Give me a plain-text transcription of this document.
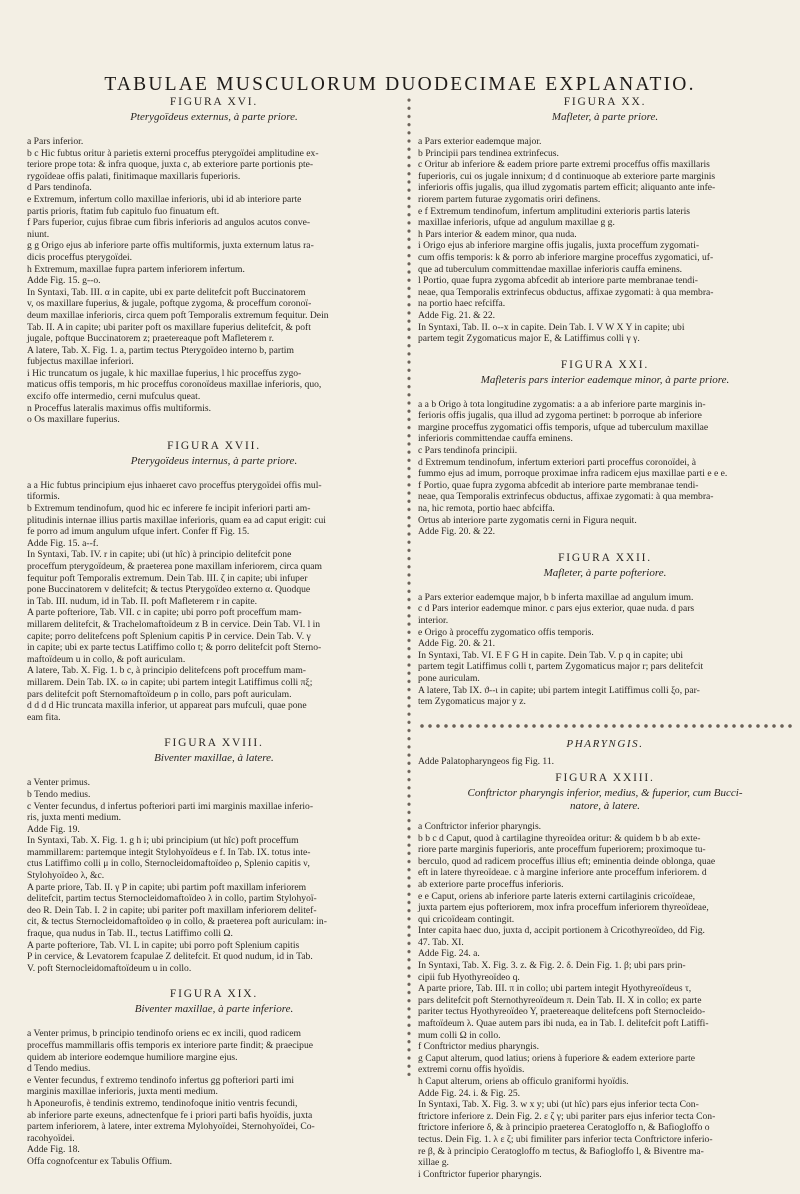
TABULAE MUSCULORUM DUODECIMAE EXPLANATIO.
FIGURA XVI.
Pterygoïdeus externus, à parte priore.
a Pars inferior.
b c Hic fubtus oritur à parietis externi proceffus pterygoïdei amplitudine ex-
teriore prope tota: & infra quoque, juxta c, ab exteriore parte portionis pte-
rygoïdeae offis palati, finitimaque maxillaris fuperioris.
d Pars tendinofa.
e Extremum, infertum collo maxillae inferioris, ubi id ab interiore parte
partis prioris, ftatim fub capitulo fuo finuatum eft.
f Pars fuperior, cujus fibrae cum fibris inferioris ad angulos acutos conve-
niunt.
g g Origo ejus ab inferiore parte offis multiformis, juxta externum latus ra-
dicis proceffus pterygoïdei.
h Extremum, maxillae fupra partem inferiorem infertum.
Adde Fig. 15. g--o.
In Syntaxi, Tab. III. α in capite, ubi ex parte delitefcit poft Buccinatorem
v, os maxillare fuperius, & jugale, poftque zygoma, & proceffum coronoï-
deum maxillae inferioris, circa quem poft Temporalis extremum fequitur. Dein
Tab. II. A in capite; ubi pariter poft os maxillare fuperius delitefcit, & poft
jugale, poftque Buccinatorem z; praetereaque poft Mafleterem r.
A latere, Tab. X. Fig. 1. a, partim tectus Pterygoïdeo interno b, partim
fubjectus maxillae inferiori.
i Hic truncatum os jugale, k hic maxillae fuperius, l hic proceffus zygo-
maticus offis temporis, m hic proceffus coronoïdeus maxillae inferioris, quo,
excifo offe intermedio, cerni mufculus queat.
n Proceffus lateralis maximus offis multiformis.
o Os maxillare fuperius.
FIGURA XVII.
Pterygoïdeus internus, à parte priore.
a a Hic fubtus principium ejus inhaeret cavo proceffus pterygoïdei offis mul-
tiformis.
b Extremum tendinofum, quod hic ec inferere fe incipit inferiori parti am-
plitudinis internae illius partis maxillae inferioris, quam ea ad caput erigit: cui
fe porro ad imum angulum ufque infert. Confer ff Fig. 15.
Adde Fig. 15. a--f.
In Syntaxi, Tab. IV. r in capite; ubi (ut hîc) à principio delitefcit pone
proceffum pterygoïdeum, & praeterea pone maxillam inferiorem, circa quam
fequitur poft Temporalis extremum. Dein Tab. III. ζ in capite; ubi infuper
pone Buccinatorem v delitefcit; & tectus Pterygoïdeo externo α. Quodque
in Tab. III. nudum, id in Tab. II. poft Mafleterem r in capite.
A parte pofteriore, Tab. VII. c in capite; ubi porro poft proceffum mam-
millarem delitefcit, & Trachelomaftoïdeum z B in cervice. Dein Tab. VI. l in
capite; porro delitefcens poft Splenium capitis P in cervice. Dein Tab. V. γ
in capite; ubi ex parte tectus Latiffimo collo t; & porro delitefcit poft Sterno-
maftoïdeum u in collo, & poft auriculam.
A latere, Tab. X. Fig. 1. b c, à principio delitefcens poft proceffum mam-
millarem. Dein Tab. IX. ω in capite; ubi partem integit Latiffimus colli πξ;
pars delitefcit poft Sternomaftoïdeum ρ in collo, pars poft auriculam.
d d d d Hic truncata maxilla inferior, ut appareat pars mufculi, quae pone
eam fita.
FIGURA XVIII.
Biventer maxillae, à latere.
a Venter primus.
b Tendo medius.
c Venter fecundus, d infertus pofteriori parti imi marginis maxillae inferio-
ris, juxta menti medium.
Adde Fig. 19.
In Syntaxi, Tab. X. Fig. 1. g h i; ubi principium (ut hîc) poft proceffum
mammillarem: partemque integit Stylohyoïdeus e f. In Tab. IX. totus inte-
ctus Latiffimo colli μ in collo, Sternocleidomaftoïdeo ρ, Splenio capitis ν,
Stylohyoïdeo λ, &c.
A parte priore, Tab. II. γ P in capite; ubi partim poft maxillam inferiorem
delitefcit, partim tectus Sternocleidomaftoïdeo λ in collo, partim Stylohyoï-
deo R. Dein Tab. I. 2 in capite; ubi pariter poft maxillam inferiorem delitef-
cit, & tectus Sternocleidomaftoïdeo φ in collo, & praeterea poft auriculam: in-
fraque, qua nudus in Tab. II., tectus Latiffimo colli Ω.
A parte pofteriore, Tab. VI. L in capite; ubi porro poft Splenium capitis
P in cervice, & Levatorem fcapulae Z delitefcit. Et quod nudum, id in Tab.
V. poft Sternocleidomaftoïdeum u in collo.
FIGURA XIX.
Biventer maxillae, à parte inferiore.
a Venter primus, b principio tendinofo oriens ec ex incili, quod radicem
proceffus mammillaris offis temporis ex interiore parte findit; & praecipue
quidem ab interiore eodemque humiliore margine ejus.
d Tendo medius.
e Venter fecundus, f extremo tendinofo infertus gg pofteriori parti imi
marginis maxillae inferioris, juxta menti medium.
h Aponeurofis, è tendinis extremo, tendinofoque initio ventris fecundi,
ab inferiore parte exeuns, adnectenfque fe i priori parti bafis hyoïdis, juxta
partem inferiorem, à latere, inter extrema Mylohyoïdei, Sternohyoïdei, Co-
racohyoïdei.
Adde Fig. 18.
Offa cognofcentur ex Tabulis Offium.
FIGURA XX.
Mafleter, à parte priore.
a Pars exterior eademque major.
b Principii pars tendinea extrinfecus.
c Oritur ab inferiore & eadem priore parte extremi proceffus offis maxillaris
fuperioris, cui os jugale innixum; d d continuoque ab exteriore parte marginis
inferioris offis jugalis, qua illud zygomatis partem efficit; aliquanto ante infe-
riorem partem futurae zygomatis oriri definens.
e f Extremum tendinofum, infertum amplitudini exterioris partis lateris
maxillae inferioris, ufque ad angulum maxillae g g.
h Pars interior & eadem minor, qua nuda.
i Origo ejus ab inferiore margine offis jugalis, juxta proceffum zygomati-
cum offis temporis: k & porro ab inferiore margine proceffus zygomatici, uf-
que ad tuberculum committendae maxillae inferioris cauffa eminens.
l Portio, quae fupra zygoma abfcedit ab interiore parte membranae tendi-
neae, qua Temporalis extrinfecus obductus, affixae zygomati: à qua membra-
na portio haec refciffa.
Adde Fig. 21. & 22.
In Syntaxi, Tab. II. o--x in capite. Dein Tab. I. V W X Y in capite; ubi
partem tegit Zygomaticus major E, & Latiffimus colli γ γ.
FIGURA XXI.
Mafleteris pars interior eademque minor, à parte priore.
a a b Origo à tota longitudine zygomatis: a a ab inferiore parte marginis in-
ferioris offis jugalis, qua illud ad zygoma pertinet: b porroque ab inferiore
margine proceffus zygomatici offis temporis, ufque ad tuberculum maxillae
inferioris committendae cauffa eminens.
c Pars tendinofa principii.
d Extremum tendinofum, infertum exteriori parti proceffus coronoïdei, à
fummo ejus ad imum, porroque proximae infra radicem ejus maxillae parti e e e.
f Portio, quae fupra zygoma abfcedit ab interiore parte membranae tendi-
neae, qua Temporalis extrinfecus obductus, affixae zygomati: à qua membra-
na, hic remota, portio haec abfciffa.
Ortus ab interiore parte zygomatis cerni in Figura nequit.
Adde Fig. 20. & 22.
FIGURA XXII.
Mafleter, à parte pofteriore.
a Pars exterior eademque major, b b inferta maxillae ad angulum imum.
c d Pars interior eademque minor. c pars ejus exterior, quae nuda. d pars
interior.
e Origo à proceffu zygomatico offis temporis.
Adde Fig. 20. & 21.
In Syntaxi, Tab. VI. E F G H in capite. Dein Tab. V. p q in capite; ubi
partem tegit Latiffimus colli t, partem Zygomaticus major r; pars delitefcit
pone auriculam.
A latere, Tab IX. ϑ--ι in capite; ubi partem integit Latiffimus colli ξο, par-
tem Zygomaticus major y z.
PHARYNGIS.
Adde Palatopharyngeos fig Fig. 11.
FIGURA XXIII.
Conftrictor pharyngis inferior, medius, & fuperior, cum Bucci-
natore, à latere.
a Conftrictor inferior pharyngis.
b b c d Caput, quod à cartilagine thyreoïdea oritur: & quidem b b ab exte-
riore parte marginis fuperioris, ante proceffum fuperiorem; proximoque tu-
berculo, quod ad radicem proceffus illius eft; eminentia deinde oblonga, quae
eft in latere thyreoïdeae. c à margine inferiore ante proceffum inferiorem. d
ab exteriore parte proceffus inferioris.
e e Caput, oriens ab inferiore parte lateris externi cartilaginis cricoïdeae,
juxta partem ejus pofteriorem, mox infra proceffum inferiorem thyreoïdeae,
qui cricoïdeam contingit.
Inter capita haec duo, juxta d, accipit portionem à Cricothyreoïdeo, dd Fig.
47. Tab. XI.
Adde Fig. 24. a.
In Syntaxi, Tab. X. Fig. 3. z. & Fig. 2. δ. Dein Fig. 1. β; ubi pars prin-
cipii fub Hyothyreoïdeo q.
A parte priore, Tab. III. π in collo; ubi partem integit Hyothyreoïdeus τ,
pars delitefcit poft Sternothyreoïdeum π. Dein Tab. II. X in collo; ex parte
pariter tectus Hyothyreoïdeo Y, praetereaque delitefcens poft Sternocleido-
maftoïdeum λ. Quae autem pars ibi nuda, ea in Tab. I. delitefcit poft Latiffi-
mum colli Ω in collo.
f Conftrictor medius pharyngis.
g Caput alterum, quod latius; oriens à fuperiore & eadem exteriore parte
extremi cornu offis hyoïdis.
h Caput alterum, oriens ab officulo graniformi hyoïdis.
Adde Fig. 24. i. & Fig. 25.
In Syntaxi, Tab. X. Fig. 3. w x y; ubi (ut hîc) pars ejus inferior tecta Con-
ftrictore inferiore z. Dein Fig. 2. ε ζ γ; ubi pariter pars ejus inferior tecta Con-
ftrictore inferiore δ, & à principio praeterea Ceratogloffo n, & Bafiogloffo o
tectus. Dein Fig. 1. λ ε ζ; ubi fimiliter pars inferior tecta Conftrictore inferio-
re β, & à principio Ceratogloffo m tectus, & Bafiogloffo l, & Biventre ma-
xillae g.
i Conftrictor fuperior pharyngis.
